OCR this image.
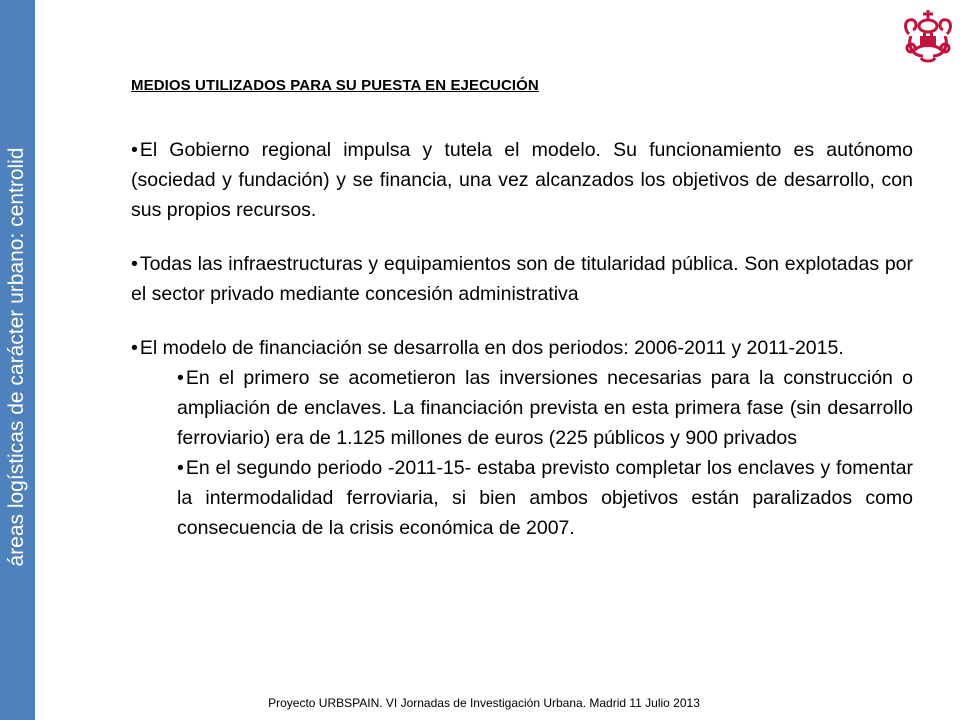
áreas logísticas de carácter urbano: centrolid
MEDIOS UTILIZADOS PARA SU PUESTA EN EJECUCIÓN

• El Gobierno regional impulsa y tutela el modelo. Su funcionamiento es autónomo (sociedad y fundación) y se financia, una vez alcanzados los objetivos de desarrollo, con sus propios recursos.

• Todas las infraestructuras y equipamientos son de titularidad pública. Son explotadas por el sector privado mediante concesión administrativa

• El modelo de financiación se desarrolla en dos periodos: 2006-2011 y 2011-2015.

• En el primero se acometieron las inversiones necesarias para la construcción o ampliación de enclaves. La financiación prevista en esta primera fase (sin desarrollo ferroviario) era de 1.125 millones de euros (225 públicos y 900 privados

• En el segundo periodo -2011-15- estaba previsto completar los enclaves y fomentar la intermodalidad ferroviaria, si bien ambos objetivos están paralizados como consecuencia de la crisis económica de 2007.

Proyecto URBSPAIN. VI Jornadas de Investigación Urbana. Madrid 11 Julio 2013
